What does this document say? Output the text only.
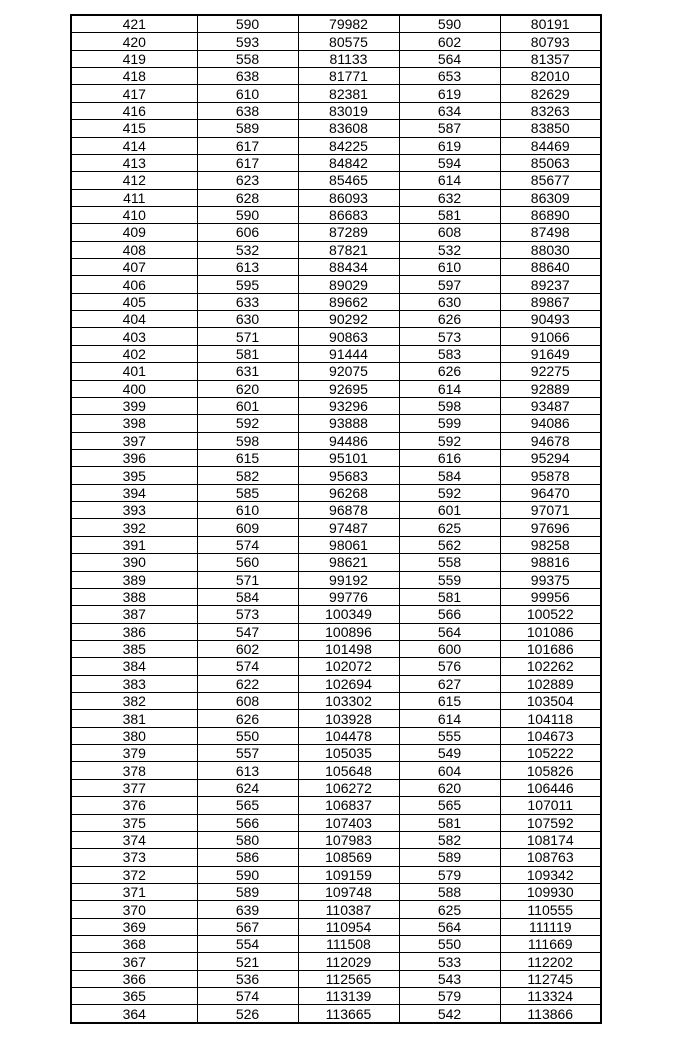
421	590	79982	590	80191
420	593	80575	602	80793
419	558	81133	564	81357
418	638	81771	653	82010
417	610	82381	619	82629
416	638	83019	634	83263
415	589	83608	587	83850
414	617	84225	619	84469
413	617	84842	594	85063
412	623	85465	614	85677
411	628	86093	632	86309
410	590	86683	581	86890
409	606	87289	608	87498
408	532	87821	532	88030
407	613	88434	610	88640
406	595	89029	597	89237
405	633	89662	630	89867
404	630	90292	626	90493
403	571	90863	573	91066
402	581	91444	583	91649
401	631	92075	626	92275
400	620	92695	614	92889
399	601	93296	598	93487
398	592	93888	599	94086
397	598	94486	592	94678
396	615	95101	616	95294
395	582	95683	584	95878
394	585	96268	592	96470
393	610	96878	601	97071
392	609	97487	625	97696
391	574	98061	562	98258
390	560	98621	558	98816
389	571	99192	559	99375
388	584	99776	581	99956
387	573	100349	566	100522
386	547	100896	564	101086
385	602	101498	600	101686
384	574	102072	576	102262
383	622	102694	627	102889
382	608	103302	615	103504
381	626	103928	614	104118
380	550	104478	555	104673
379	557	105035	549	105222
378	613	105648	604	105826
377	624	106272	620	106446
376	565	106837	565	107011
375	566	107403	581	107592
374	580	107983	582	108174
373	586	108569	589	108763
372	590	109159	579	109342
371	589	109748	588	109930
370	639	110387	625	110555
369	567	110954	564	111119
368	554	111508	550	111669
367	521	112029	533	112202
366	536	112565	543	112745
365	574	113139	579	113324
364	526	113665	542	113866
